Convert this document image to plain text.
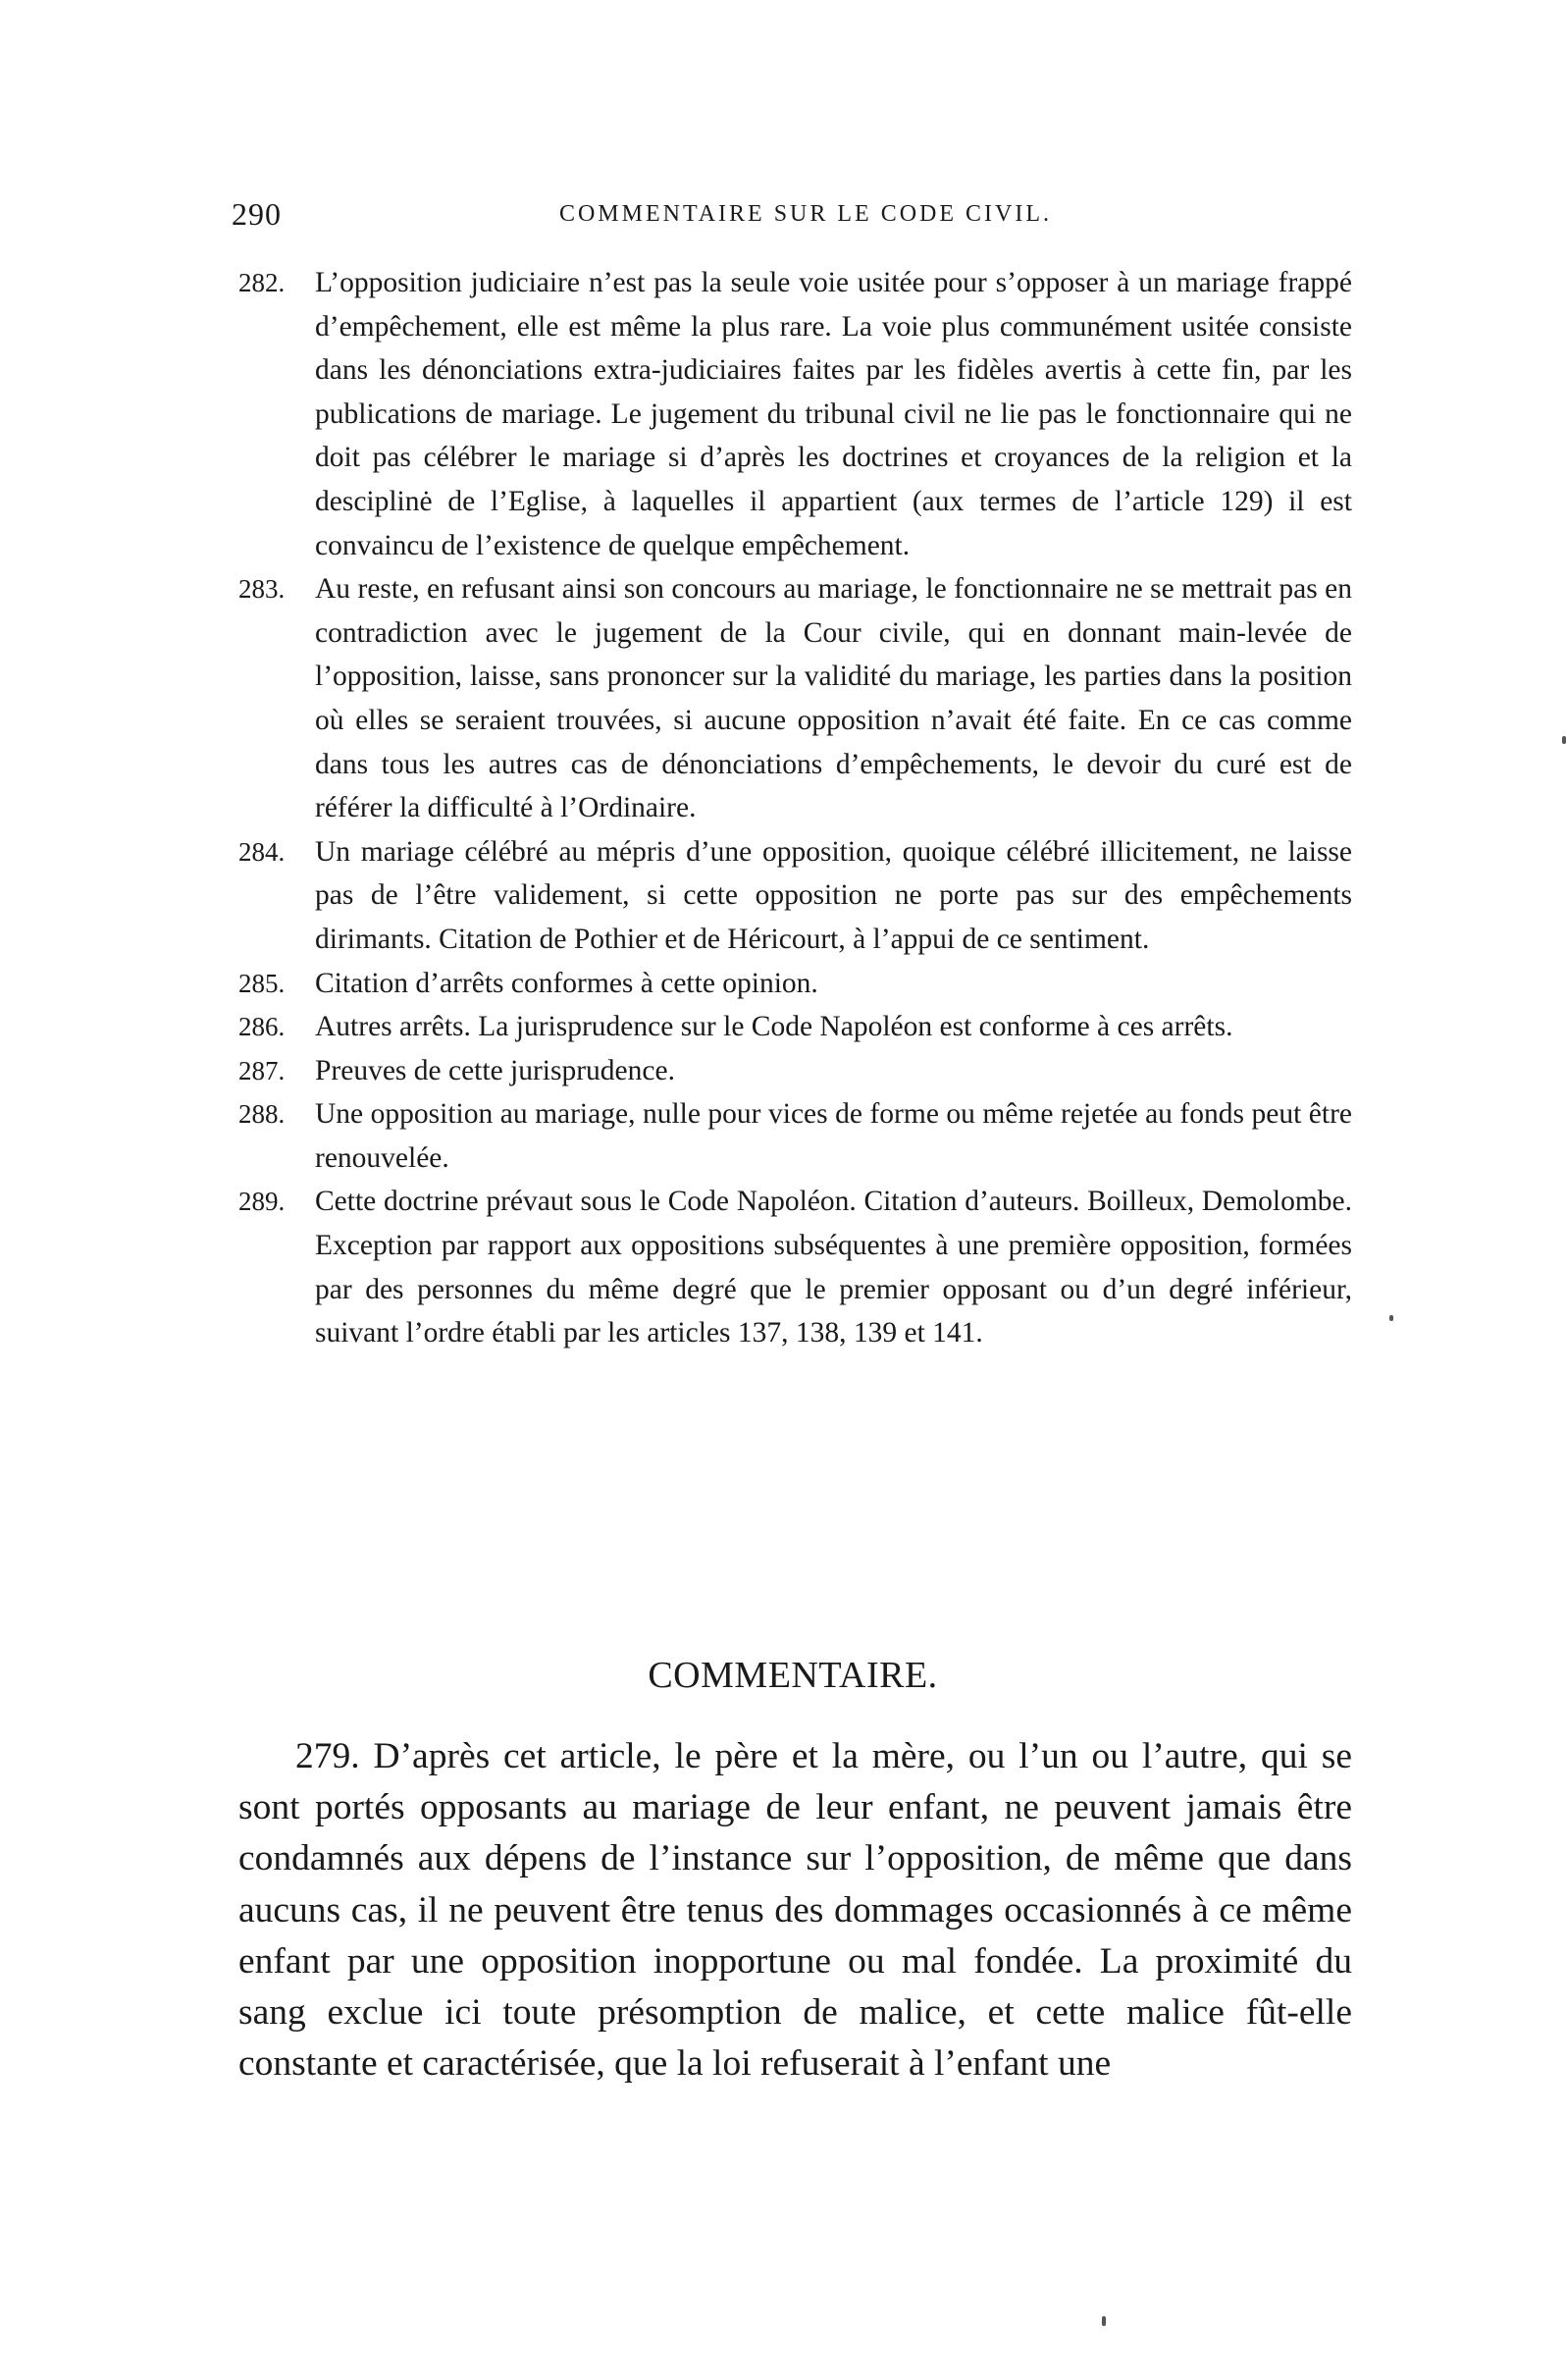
290	COMMENTAIRE SUR LE CODE CIVIL.
282. L’opposition judiciaire n’est pas la seule voie usitée pour s’opposer à un mariage frappé d’empêchement, elle est même la plus rare. La voie plus communément usitée consiste dans les dénonciations extra-judiciaires faites par les fidèles avertis à cette fin, par les publications de mariage. Le jugement du tribunal civil ne lie pas le fonctionnaire qui ne doit pas célébrer le mariage si d’après les doctrines et croyances de la religion et la desciplinė de l’Eglise, à laquelles il appartient (aux termes de l’article 129) il est convaincu de l’existence de quelque empêchement.
283. Au reste, en refusant ainsi son concours au mariage, le fonctionnaire ne se mettrait pas en contradiction avec le jugement de la Cour civile, qui en donnant main-levée de l’opposition, laisse, sans prononcer sur la validité du mariage, les parties dans la position où elles se seraient trouvées, si aucune opposition n’avait été faite. En ce cas comme dans tous les autres cas de dénonciations d’empêchements, le devoir du curé est de référer la difficulté à l’Ordinaire.
284. Un mariage célébré au mépris d’une opposition, quoique célébré illicitement, ne laisse pas de l’être validement, si cette opposition ne porte pas sur des empêchements dirimants. Citation de Pothier et de Héricourt, à l’appui de ce sentiment.
285. Citation d’arrêts conformes à cette opinion.
286. Autres arrêts. La jurisprudence sur le Code Napoléon est conforme à ces arrêts.
287. Preuves de cette jurisprudence.
288. Une opposition au mariage, nulle pour vices de forme ou même rejetée au fonds peut être renouvelée.
289. Cette doctrine prévaut sous le Code Napoléon. Citation d’auteurs. Boilleux, Demolombe. Exception par rapport aux oppositions subséquentes à une première opposition, formées par des personnes du même degré que le premier opposant ou d’un degré inférieur, suivant l’ordre établi par les articles 137, 138, 139 et 141.
COMMENTAIRE.

279. D’après cet article, le père et la mère, ou l’un ou l’autre, qui se sont portés opposants au mariage de leur enfant, ne peuvent jamais être condamnés aux dépens de l’instance sur l’opposition, de même que dans aucuns cas, il ne peuvent être tenus des dommages occasionnés à ce même enfant par une opposition inopportune ou mal fondée. La proximité du sang exclue ici toute présomption de malice, et cette malice fût-elle constante et caractérisée, que la loi refuserait à l’enfant une
